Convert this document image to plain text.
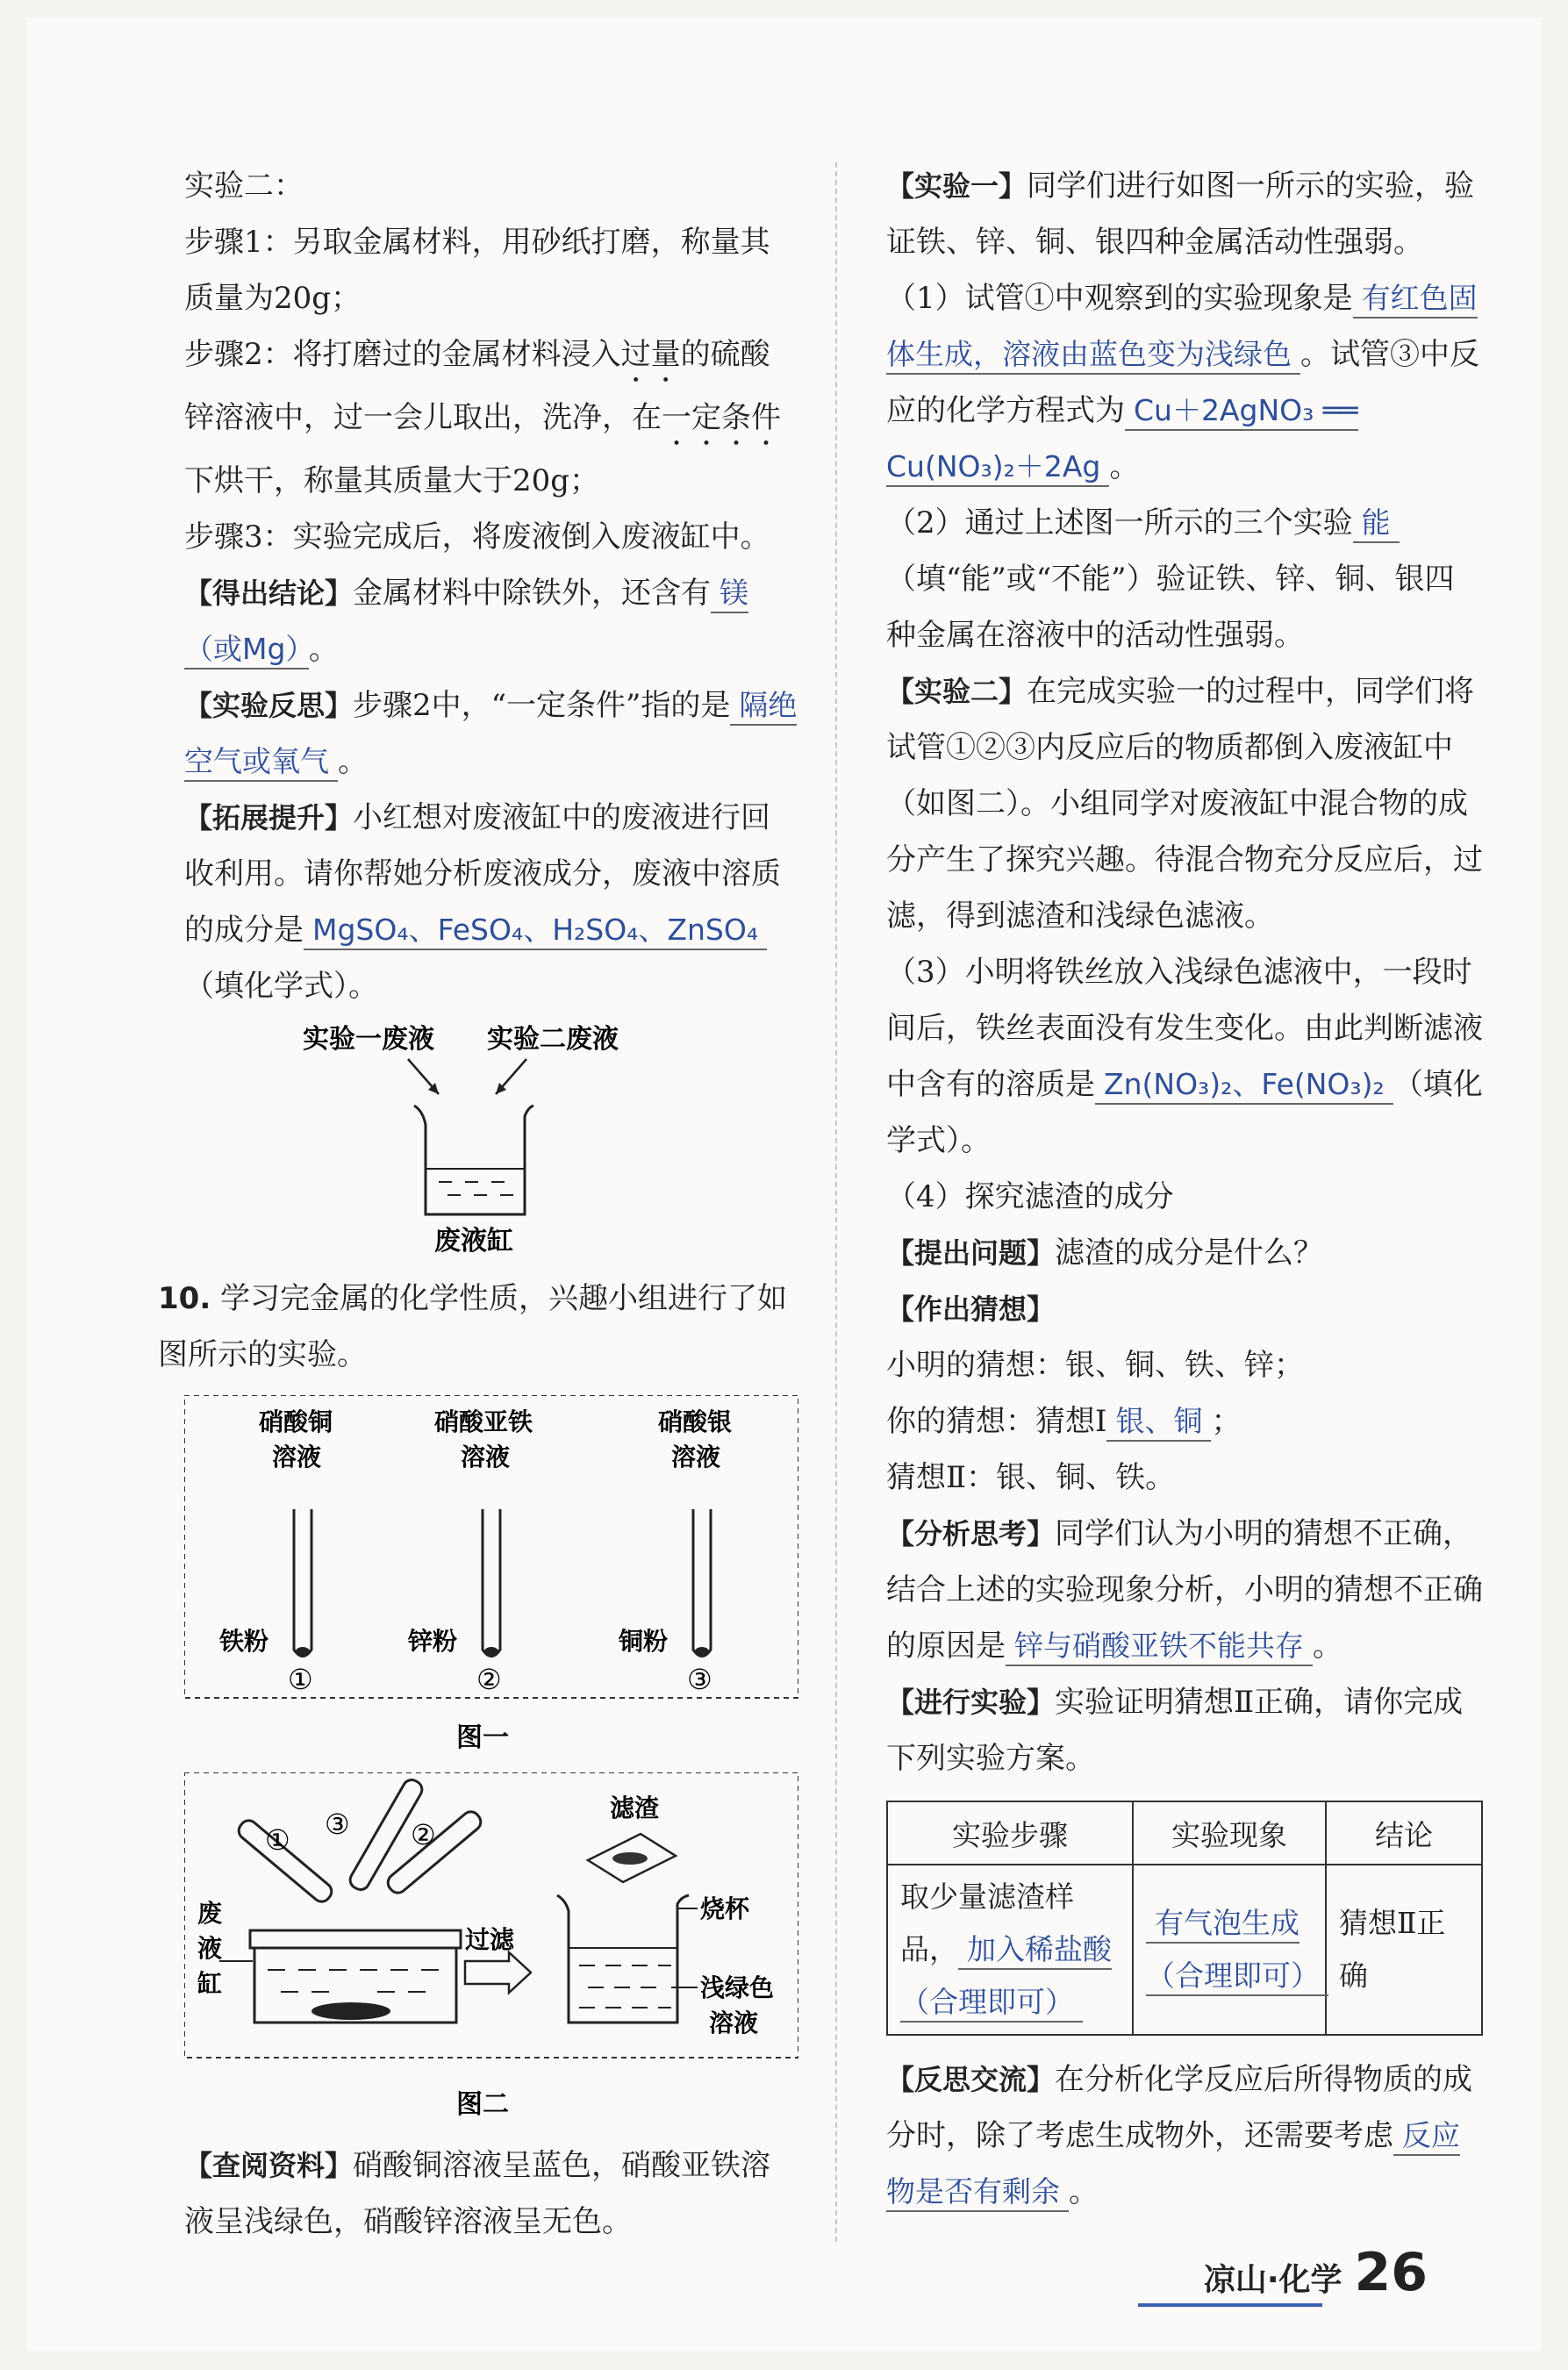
实验二：

步骤1：另取金属材料，用砂纸打磨，称量其质量为20g；

步骤2：将打磨过的金属材料浸入过量的硫酸锌溶液中，过一会儿取出，洗净，在一定条件下烘干，称量其质量大于20g；

步骤3：实验完成后，将废液倒入废液缸中。

【得出结论】金属材料中除铁外，还含有 镁（或Mg） 。

【实验反思】步骤2中，“一定条件”指的是 隔绝空气或氧气 。

【拓展提升】小红想对废液缸中的废液进行回收利用。请你帮她分析废液成分，废液中溶质的成分是 MgSO₄、FeSO₄、H₂SO₄、ZnSO₄

（填化学式）。

实验一废液 实验二废液
废液缸

10. 学习完金属的化学性质，兴趣小组进行了如图所示的实验。

硝酸铜
溶液
铁粉
①
硝酸亚铁
溶液
锌粉
②
硝酸银
溶液
铜粉
③
图一
① ③ ②
废
液
缸
过滤
滤渣
烧杯
浅绿色
溶液
图二

【查阅资料】硝酸铜溶液呈蓝色，硝酸亚铁溶液呈浅绿色，硝酸锌溶液呈无色。

【实验一】同学们进行如图一所示的实验，验证铁、锌、铜、银四种金属活动性强弱。

（1）试管①中观察到的实验现象是 有红色固体生成，溶液由蓝色变为浅绿色 。试管③中反应的化学方程式为 Cu＋2AgNO₃ ══ Cu(NO₃)₂＋2Ag 。

（2）通过上述图一所示的三个实验 能（填“能”或“不能”）验证铁、锌、铜、银四种金属在溶液中的活动性强弱。

【实验二】在完成实验一的过程中，同学们将试管①②③内反应后的物质都倒入废液缸中（如图二）。小组同学对废液缸中混合物的成分产生了探究兴趣。待混合物充分反应后，过滤，得到滤渣和浅绿色滤液。

（3）小明将铁丝放入浅绿色滤液中，一段时间后，铁丝表面没有发生变化。由此判断滤液中含有的溶质是 Zn(NO₃)₂、Fe(NO₃)₂ （填化学式）。

（4）探究滤渣的成分

【提出问题】滤渣的成分是什么？

【作出猜想】

小明的猜想：银、铜、铁、锌；

你的猜想：猜想Ⅰ 银、铜 ；

猜想Ⅱ：银、铜、铁。

【分析思考】同学们认为小明的猜想不正确，结合上述的实验现象分析，小明的猜想不正确的原因是 锌与硝酸亚铁不能共存 。

【进行实验】实验证明猜想Ⅱ正确，请你完成下列实验方案。

实验步骤	实验现象	结论
取少量滤渣样品， 加入稀盐酸（合理即可）	有气泡生成（合理即可）	猜想Ⅱ正确

【反思交流】在分析化学反应后所得物质的成分时，除了考虑生成物外，还需要考虑 反应物是否有剩余 。

凉山·化学 26
